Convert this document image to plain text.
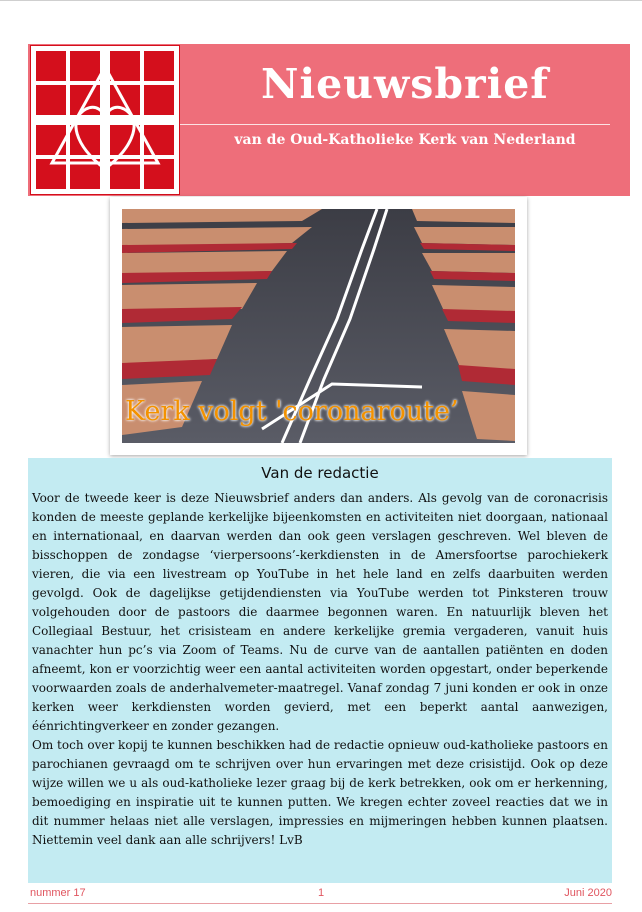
Nieuwsbrief
van de Oud-Katholieke Kerk van Nederland
Kerk volgt 'coronaroute’
Van de redactie

Voor de tweede keer is deze Nieuwsbrief anders dan anders. Als gevolg van de coronacrisis konden de meeste geplande kerkelijke bijeenkomsten en activiteiten niet doorgaan, nationaal en internationaal, en daarvan werden dan ook geen verslagen geschreven. Wel bleven de bisschoppen de zondagse ‘vierpersoons’-kerkdiensten in de Amersfoortse parochiekerk vieren, die via een livestream op YouTube in het hele land en zelfs daarbuiten werden gevolgd. Ook de dagelijkse getijdendiensten via YouTube werden tot Pinksteren trouw volgehouden door de pastoors die daarmee begonnen waren. En natuurlijk bleven het Collegiaal Bestuur, het crisisteam en andere kerkelijke gremia vergaderen, vanuit huis vanachter hun pc’s via Zoom of Teams. Nu de curve van de aantallen patiënten en doden afneemt, kon er voorzichtig weer een aantal activiteiten worden opgestart, onder beperkende voorwaarden zoals de anderhalvemeter-maatregel. Vanaf zondag 7 juni konden er ook in onze kerken weer kerkdiensten worden gevierd, met een beperkt aantal aanwezigen, éénrichtingverkeer en zonder gezangen.

Om toch over kopij te kunnen beschikken had de redactie opnieuw oud-katholieke pastoors en parochianen gevraagd om te schrijven over hun ervaringen met deze crisistijd. Ook op deze wijze willen we u als oud-katholieke lezer graag bij de kerk betrekken, ook om er herkenning, bemoediging en inspiratie uit te kunnen putten. We kregen echter zoveel reacties dat we in dit nummer helaas niet alle verslagen, impressies en mijmeringen hebben kunnen plaatsen. Niettemin veel dank aan alle schrijvers! LvB

nummer 17	1	Juni 2020
